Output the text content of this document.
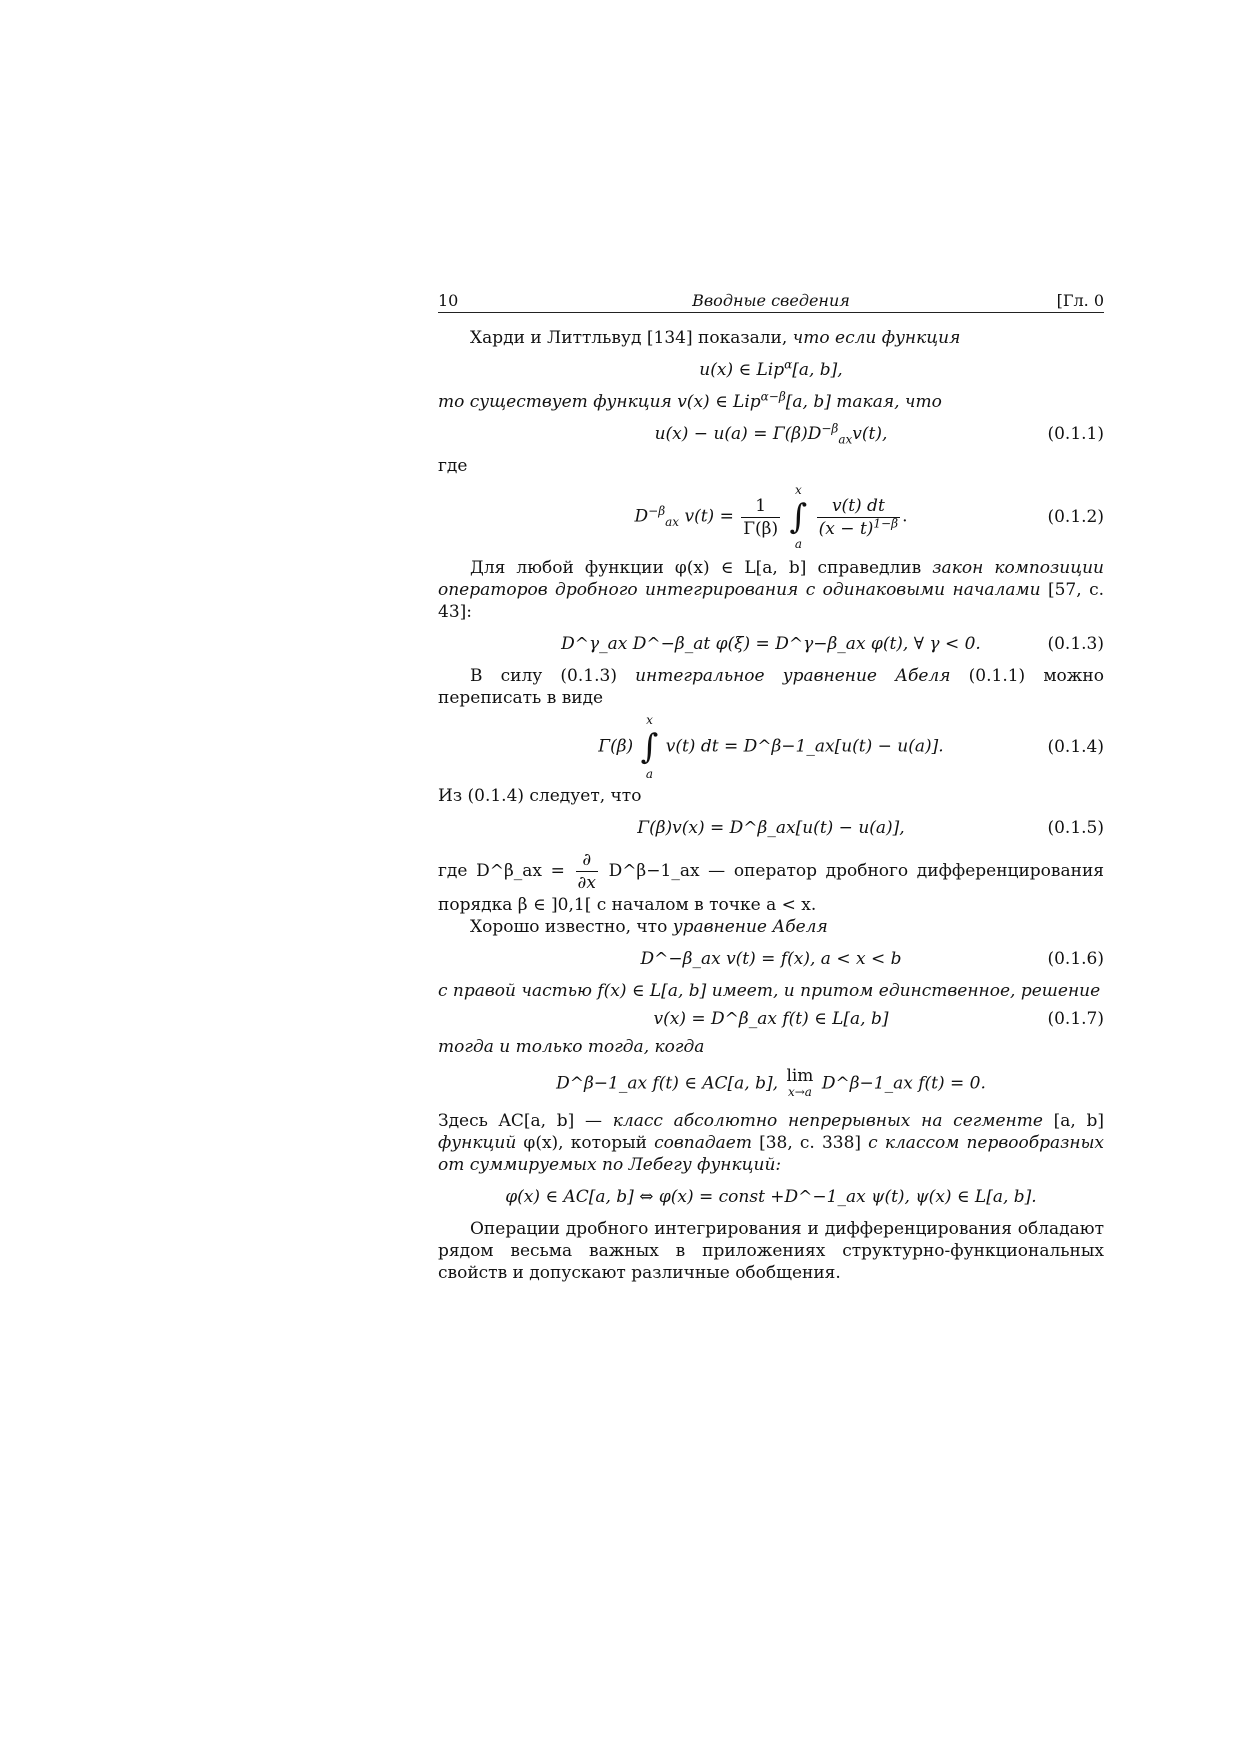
10	Вводные сведения	[Гл. 0

Харди и Литтльвуд [134] показали, что если функция

u(x) ∈ Lip$^\alpha$[a, b],

то существует функция v(x) ∈ Lip$^{\alpha-\beta}$[a, b] такая, что

$u(x) - u(a) = \Gamma(\beta)D^{-\beta}_{ax}v(t)$,	(0.1.1)

где

$D^{-\beta}_{ax}$ $v(t) = \frac{1}{\Gamma(\beta)}$

x
∫
a

$\frac{v(t) dt}{(x - t)^{1-\beta}}$ .	(0.1.2)

Для любой функции φ(x) ∈ L[a, b] справедлив закон композиции операторов дробного интегрирования с одинаковыми началами [57, с. 43]:

D^γ_ax D^−β_at φ(ξ) = D^γ−β_ax φ(t), ∀ γ < 0.	(0.1.3)

В силу (0.1.3) интегральное уравнение Абеля (0.1.1) можно переписать в виде

Γ(β)
x
∫
a
v(t) dt = D^β−1_ax[u(t) − u(a)].	(0.1.4)

Из (0.1.4) следует, что

Γ(β)v(x) = D^β_ax[u(t) − u(a)],	(0.1.5)

где D^β_ax = $\frac{\partial}{\partial x}$ D^β−1_ax — оператор дробного дифференцирования порядка β ∈ ]0,1[ с началом в точке a < x.

Хорошо известно, что уравнение Абеля

D^−β_ax v(t) = f(x), a < x < b	(0.1.6)

с правой частью f(x) ∈ L[a, b] имеет, и притом единственное, решение

v(x) = D^β_ax f(t) ∈ L[a, b]	(0.1.7)

тогда и только тогда, когда

D^β−1_ax f(t) ∈ AC[a, b], lim
x→a D^β−1_ax f(t) = 0.

Здесь AC[a, b] — класс абсолютно непрерывных на сегменте [a, b] функций φ(x), который совпадает [38, с. 338] с классом первообразных от суммируемых по Лебегу функций:

φ(x) ∈ AC[a, b] ⇔ φ(x) = const +D^−1_ax ψ(t), ψ(x) ∈ L[a, b].

Операции дробного интегрирования и дифференцирования обладают рядом весьма важных в приложениях структурно-функциональных свойств и допускают различные обобщения.
